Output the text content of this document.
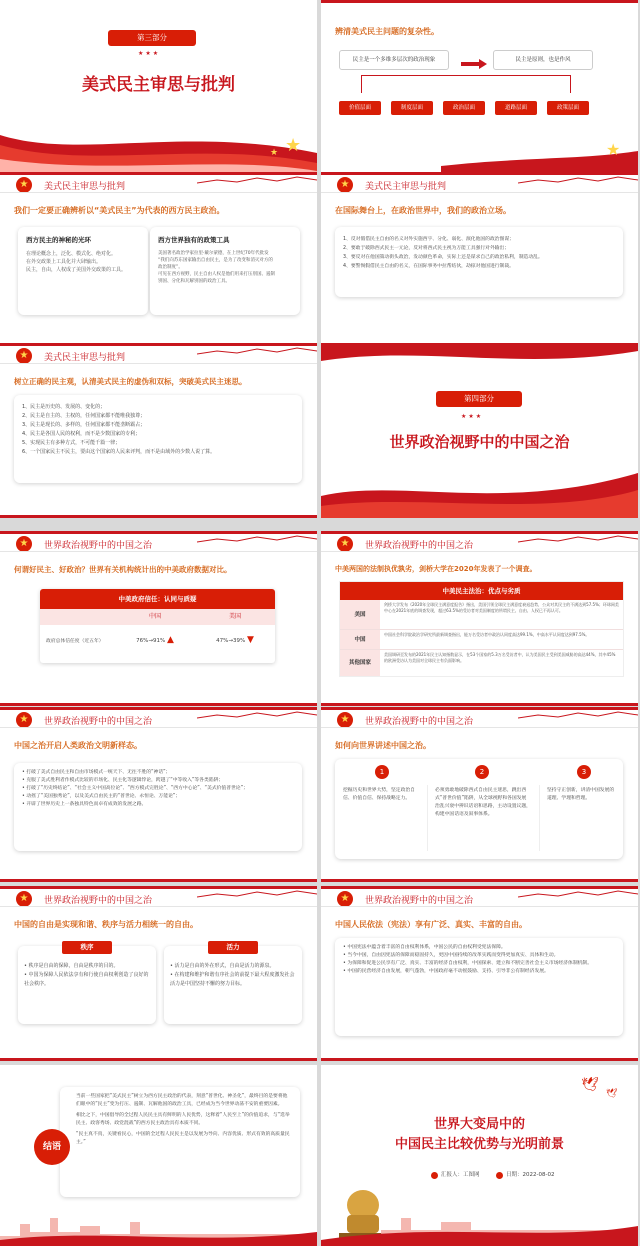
第三部分
★★★
美式民主审思与批判
★
★
辨清美式民主问题的复杂性。
民主是一个多维多层次的政治现象	民主是原则，也是作风
价值层面	制度层面	政治层面	道路层面	政策层面
★
★	美式民主审思与批判
我们一定要正确辨析以“美式民主”为代表的西方民主政治。
西方民主的神秘的光环
在理论概念上，泛化、模式化、绝对化。
在外交政策上工具化并大肆输出。
民主，自由，人权成了美国外交政策的工具。
西方世界独有的政策工具
美国著名政治学家拉里·戴尔蒙德，在上世纪70年代批发
“我们向苏东国家输出自由民主，是为了改变和消灭对方的
政治制度”。
可见在西方视野，民主自由人权是他们用来打压别国、遏制
别国、分化和瓦解别国的政治工具。
★	美式民主审思与批判
在国际舞台上，在政治世界中，我们的政治立场。
1、反对假借民主自由的名义对外实施西字、分化、弱化、演化他国的政治图谋；
2、要敢于破除西式民主一元论，反对将西式民主视为万能工具强行对外输出；
3、要反对在他国策动街头政治，发动颜色革命，实际上还是谋求自己的政治私利，制造动乱。
4、要警惕假借民主自由的名义，在国际事务中拉帮结伙，劫掠对他国进行制裁。
★	美式民主审思与批判
树立正确的民主观，认清美式民主的虚伪和双标，突破美式民主迷思。
1、民主是历史的、发展的、变化的；
2、民主是自主的、主权的，任何国家都不能唯我独尊；
3、民主是现长的、多样的，任何国家都不能垄断霸占；
4、民主是各国人民的权利，而不是少数国家的专利；
5、实现民主有多种方式，不可能千篇一律；
6、一个国家民主不民主，要由这个国家的人民来评判，而不是由域外的少数人说了算。
第四部分
★★★
世界政治视野中的中国之治
★	世界政治视野中的中国之治
何谓好民主、好政治？世界有关机构统计出的中美政府数据对比。
中美政府信任：认同与质疑
中国	美国
政府总体信任度（近五年）	76%→91% ▲	47%→39% ▼
★	世界政治视野中的中国之治
中美两国的法制执优孰劣，剑桥大学在2020年发表了一个调查。
中美民主法治：优点与劣质
美国
剑桥大学发布《2020年全球民主满意度报告》指出，美国引领全球民主满意度衰退趋势，公众对其民主的不满达到57.5%；环球网美中心在2021年底的调查发现，超过63.5%的受访者对美国制度的所谓民主、自由、人权已不再认可。
中国
中国社会科学院政治学研究所最新调查指出，能万名受访者中政治认同度高达99.1%，中高水平认同度达到97.5%。
其他国家
美国调研至发布的2021年民主认知指数显示，在53个国家的5.3万名受访者中，认为美国民主受到美国威胁的高达44%，其中45%的欧洲受访认为美国对全球民主有负面影响。
★	世界政治视野中的中国之治
中国之治开启人类政治文明新样态。
• 打破了美式自由民主和自由市场模式一统天下、无往不胜的“神话”；
• 克服了美式胜利者作模式比较的市场化、民主化等逻辑悖论，跨越了“中等收入”等各类陷阱；
• 打破了“历史终结论”、“社会主义中国高位论”、“西方模式完胜论”、“西方中心论”、“美式价值普世论”；
• 动摇了“美国独秀论”，以及美式自由民主的“普世论、永恒论、万能论”；
• 开辟了世界历史上一条独具特色而卓有成效的发展之路。
★	世界政治视野中的中国之治
如何向世界讲述中国之治。
1	2	3
挖掘历史和世界大势，坚定政治自信、价值自信、保持战略定力。
必须勇敢地破除西式自由民主迷思，跳出西式“普世价值”陷阱，从全球视野和各国发展治乱兴衰中辨识话语和思路，主动设置议题，构建中国话语及叙事体系。
坚持守正创新，讲清中国发展的道理、学理和哲理。
★	世界政治视野中的中国之治
中国的自由是实现和谐、秩序与活力相统一的自由。
• 秩序是自由的保障，自由是秩序的目的。
• 中国为保障人民依法享有和行使自由权利创造了良好的社会秩序。
秩序
• 活力是自由的外在形式，自由是活力的源泉。
• 在构建和维护和谐有序社会的前提下最大程度激发社会活力是中国坚持不懈的努力目标。
活力
★	世界政治视野中的中国之治
中国人民依法（宪法）享有广泛、真实、丰富的自由。
• 中国宪法中蕴含着丰富的自由权利体系，中国公民的自由权利受宪法保障。
• 当今中国，自由因宪法的保障而稳固持久，更因中国持续的改革实践而变得更加真实、具体和生动。
• 为保障和促进公民享有广泛、真实、丰富的经济自由权利，中国探索、建立和不断完善社会主义市场经济体制机制。
• 中国的民营经济自由发展，朝气蓬勃，中国政府毫不动摇鼓励、支持、引导非公有制经济发展。
当前一些国家把“美式民主”树立为西方民主政治的代表，刻意“普世化、神圣化”，最终目的是要将他们眼中的“民主”变为打压、遏制、瓦解他国的政治工具，已经成为当今世界动荡不安的重要因素。
相比之下，中国倡导的全过程人民民主具有鲜明的人民优势，这释着“人民至上”的价值追求，与“选举民主、政客秀场、政党混战”的西方民主政治具有本质不同。
“民主真不真，关键看民心，中国的全过程人民民主是以发展为导向、内容优质、形式有效的高质量民主。”
结语
🕊
🕊
世界大变局中的
中国民主比较优势与光明前景
汇报人：工图网	日期：2022-08-02
